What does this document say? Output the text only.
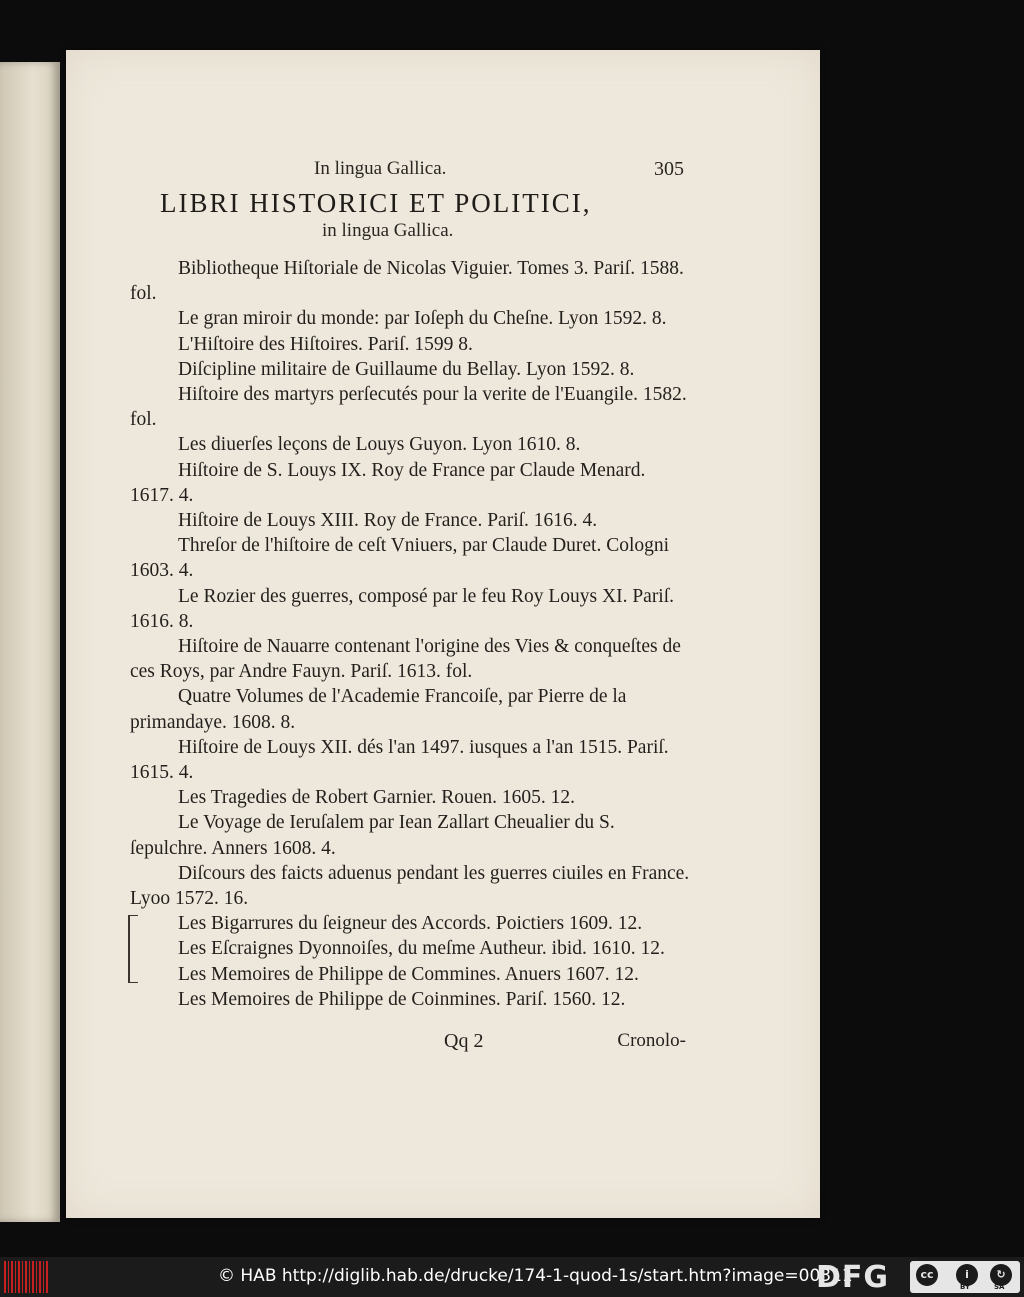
In lingua Gallica.	305
LIBRI HISTORICI ET POLITICI,
in lingua Gallica.

Bibliotheque Hiſtoriale de Nicolas Viguier. Tomes 3. Pariſ. 1588. fol.

Le gran miroir du monde: par Ioſeph du Cheſne. Lyon 1592. 8.

L'Hiſtoire des Hiſtoires. Pariſ. 1599 8.

Diſcipline militaire de Guillaume du Bellay. Lyon 1592. 8.

Hiſtoire des martyrs perſecutés pour la verite de l'Euangile. 1582. fol.

Les diuerſes leçons de Louys Guyon. Lyon 1610. 8.

Hiſtoire de S. Louys IX. Roy de France par Claude Menard. 1617. 4.

Hiſtoire de Louys XIII. Roy de France. Pariſ. 1616. 4.

Threſor de l'hiſtoire de ceſt Vniuers, par Claude Duret. Cologni 1603. 4.

Le Rozier des guerres, composé par le feu Roy Louys XI. Pariſ. 1616. 8.

Hiſtoire de Nauarre contenant l'origine des Vies & conqueſtes de ces Roys, par Andre Fauyn. Pariſ. 1613. fol.

Quatre Volumes de l'Academie Francoiſe, par Pierre de la primandaye. 1608. 8.

Hiſtoire de Louys XII. dés l'an 1497. iusques a l'an 1515. Pariſ. 1615. 4.

Les Tragedies de Robert Garnier. Rouen. 1605. 12.

Le Voyage de Ieruſalem par Iean Zallart Cheualier du S. ſepulchre. Anners 1608. 4.

Diſcours des faicts aduenus pendant les guerres ciuiles en France. Lyoo 1572. 16.

Les Bigarrures du ſeigneur des Accords. Poictiers 1609. 12.

Les Eſcraignes Dyonnoiſes, du meſme Autheur. ibid. 1610. 12.

Les Memoires de Philippe de Commines. Anuers 1607. 12.

Les Memoires de Philippe de Coinmines. Pariſ. 1560. 12.

Qq 2	Cronolo-
© HAB http://diglib.hab.de/drucke/174-1-quod-1s/start.htm?image=00311
DFG	cc	i	↻
BY	SA
